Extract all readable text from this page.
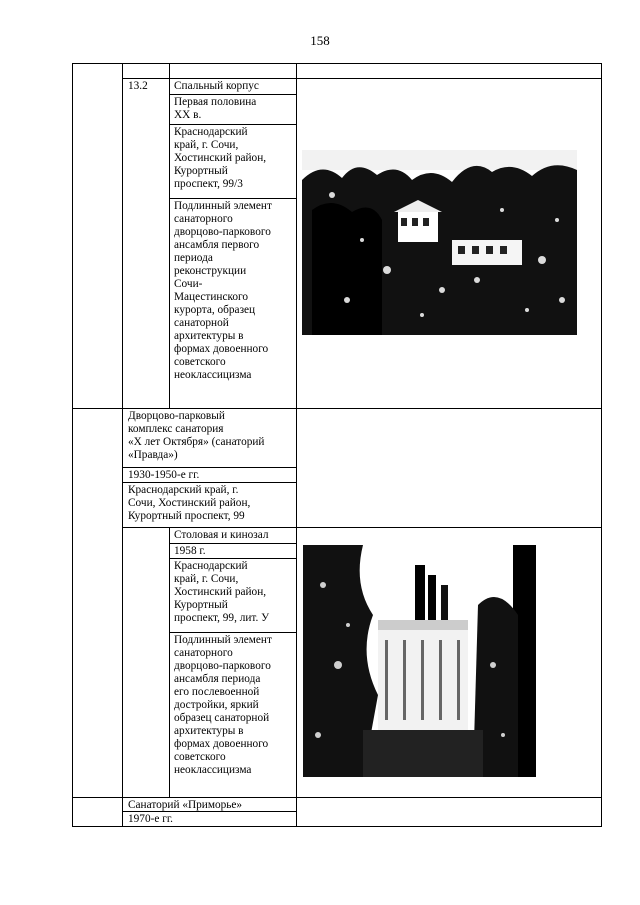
158
13.2 Спальный корпус
Первая половина
XX в.
Краснодарский
край, г. Сочи,
Хостинский район,
Курортный
проспект, 99/3
Подлинный элемент
санаторного
дворцово-паркового
ансамбля первого
периода
реконструкции
Сочи-
Мацестинского
курорта, образец
санаторной
архитектуры в
формах довоенного
советского
неоклассицизма
Дворцово-парковый
комплекс санатория
«Х лет Октября» (санаторий
«Правда»)
1930-1950-е гг.
Краснодарский край, г.
Сочи, Хостинский район,
Курортный проспект, 99
Столовая и кинозал
1958 г.
Краснодарский
край, г. Сочи,
Хостинский район,
Курортный
проспект, 99, лит. У
Подлинный элемент
санаторного
дворцово-паркового
ансамбля периода
его послевоенной
достройки, яркий
образец санаторной
архитектуры в
формах довоенного
советского
неоклассицизма
Санаторий «Приморье»
1970-е гг.
